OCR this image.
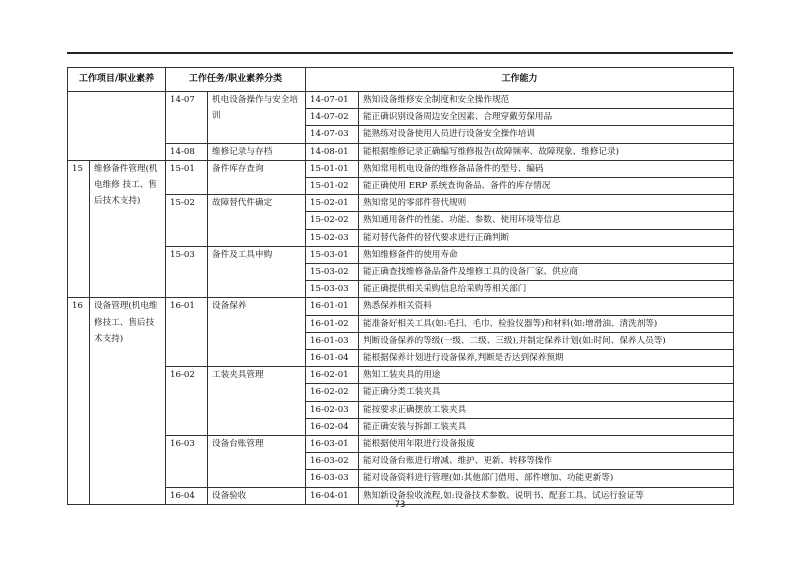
工作项目/职业素养		工作任务/职业素养分类		工作能力	
		14-07	机电设备操作与安全培训	14-07-01	熟知设备维修安全制度和安全操作规范
				14-07-02	能正确识别设备周边安全因素、合理穿戴劳保用品
				14-07-03	能熟练对设备使用人员进行设备安全操作培训
		14-08	维修记录与存档	14-08-01	能根据维修记录正确编写维修报告(故障频率、故障现象、维修记录)
15	维修备件管理(机电维修 技工、售后技术支持)	15-01	备件库存查询	15-01-01	熟知常用机电设备的维修备品备件的型号、编码
				15-01-02	能正确使用 ERP 系统查询备品、备件的库存情况
		15-02	故障替代件确定	15-02-01	熟知常见的零部件替代规则
				15-02-02	熟知通用备件的性能、功能、参数、使用环境等信息
				15-02-03	能对替代备件的替代要求进行正确判断
		15-03	备件及工具申购	15-03-01	熟知维修备件的使用寿命
				15-03-02	能正确查找维修备品备件及维修工具的设备厂家、供应商
				15-03-03	能正确提供相关采购信息给采购等相关部门
16	设备管理(机电维修技工、售后技术支持)	16-01	设备保养	16-01-01	熟悉保养相关资料
				16-01-02	能准备好相关工具(如:毛扫、毛巾、检验仪器等)和材料(如:增滑油、清洗剂等)
				16-01-03	判断设备保养的等级(一级、二级、三级),并制定保养计划(如:时间、保养人员等)
				16-01-04	能根据保养计划进行设备保养,判断是否达到保养预期
		16-02	工装夹具管理	16-02-01	熟知工装夹具的用途
				16-02-02	能正确分类工装夹具
				16-02-03	能按要求正确摆放工装夹具
				16-02-04	能正确安装与拆卸工装夹具
		16-03	设备台账管理	16-03-01	能根据使用年限进行设备报废
				16-03-02	能对设备台账进行增减、维护、更新、转移等操作
				16-03-03	能对设备资料进行管理(如:其他部门借用、部件增加、功能更新等)
		16-04	设备验收	16-04-01	熟知新设备验收流程,如:设备技术参数、说明书、配套工具、试运行验证等
73
